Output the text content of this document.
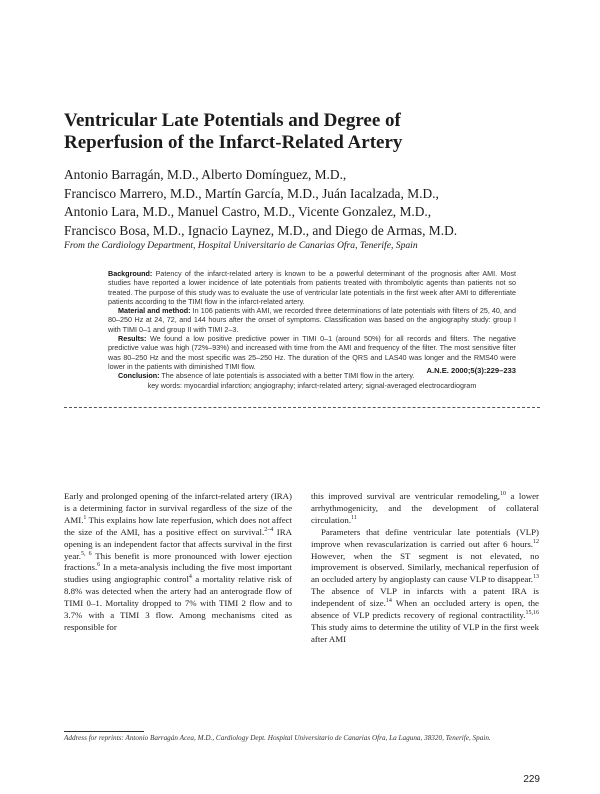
Ventricular Late Potentials and Degree of
Reperfusion of the Infarct-Related Artery
Antonio Barragán, M.D., Alberto Domínguez, M.D.,
Francisco Marrero, M.D., Martín García, M.D., Juán Iacalzada, M.D.,
Antonio Lara, M.D., Manuel Castro, M.D., Vicente Gonzalez, M.D.,
Francisco Bosa, M.D., Ignacio Laynez, M.D., and Diego de Armas, M.D.
From the Cardiology Department, Hospital Universitario de Canarias Ofra, Tenerife, Spain

Background: Patency of the infarct-related artery is known to be a powerful determinant of the prognosis after AMI. Most studies have reported a lower incidence of late potentials from patients treated with thrombolytic agents than patients not so treated. The purpose of this study was to evaluate the use of ventricular late potentials in the first week after AMI to differentiate patients according to the TIMI flow in the infarct-related artery.

Material and method: In 106 patients with AMI, we recorded three determinations of late potentials with filters of 25, 40, and 80–250 Hz at 24, 72, and 144 hours after the onset of symptoms. Classification was based on the angiography study: group I with TIMI 0–1 and group II with TIMI 2–3.

Results: We found a low positive predictive power in TIMI 0–1 (around 50%) for all records and filters. The negative predictive value was high (72%–93%) and increased with time from the AMI and frequency of the filter. The most sensitive filter was 80–250 Hz and the most specific was 25–250 Hz. The duration of the QRS and LAS40 was longer and the RMS40 were lower in the patients with diminished TIMI flow.

Conclusion: The absence of late potentials is associated with a better TIMI flow in the artery.

A.N.E. 2000;5(3):229–233
key words: myocardial infarction; angiography; infarct-related artery; signal-averaged electrocardiogram

Early and prolonged opening of the infarct-related artery (IRA) is a determining factor in survival regardless of the size of the AMI.$^1$ This explains how late reperfusion, which does not affect the size of the AMI, has a positive effect on survival.$^{2-4}$ IRA opening is an independent factor that affects survival in the first year.$^{5, 6}$ This benefit is more pronounced with lower ejection fractions.$^6$ In a meta-analysis including the five most important studies using angiographic control$^4$ a mortality relative risk of 8.8% was detected when the artery had an anterograde flow of TIMI 0–1. Mortality dropped to 7% with TIMI 2 flow and to 3.7% with a TIMI 3 flow. Among mechanisms cited as responsible for

this improved survival are ventricular remodeling,$^{10}$ a lower arrhythmogenicity, and the development of collateral circulation.$^{11}$

Parameters that define ventricular late potentials (VLP) improve when revascularization is carried out after 6 hours.$^{12}$ However, when the ST segment is not elevated, no improvement is observed. Similarly, mechanical reperfusion of an occluded artery by angioplasty can cause VLP to disappear.$^{13}$ The absence of VLP in infarcts with a patent IRA is independent of size.$^{14}$ When an occluded artery is open, the absence of VLP predicts recovery of regional contractility.$^{15,16}$ This study aims to determine the utility of VLP in the first week after AMI

Address for reprints: Antonio Barragán Acea, M.D., Cardiology Dept. Hospital Universitario de Canarias Ofra, La Laguna, 38320, Tenerife, Spain.
229
